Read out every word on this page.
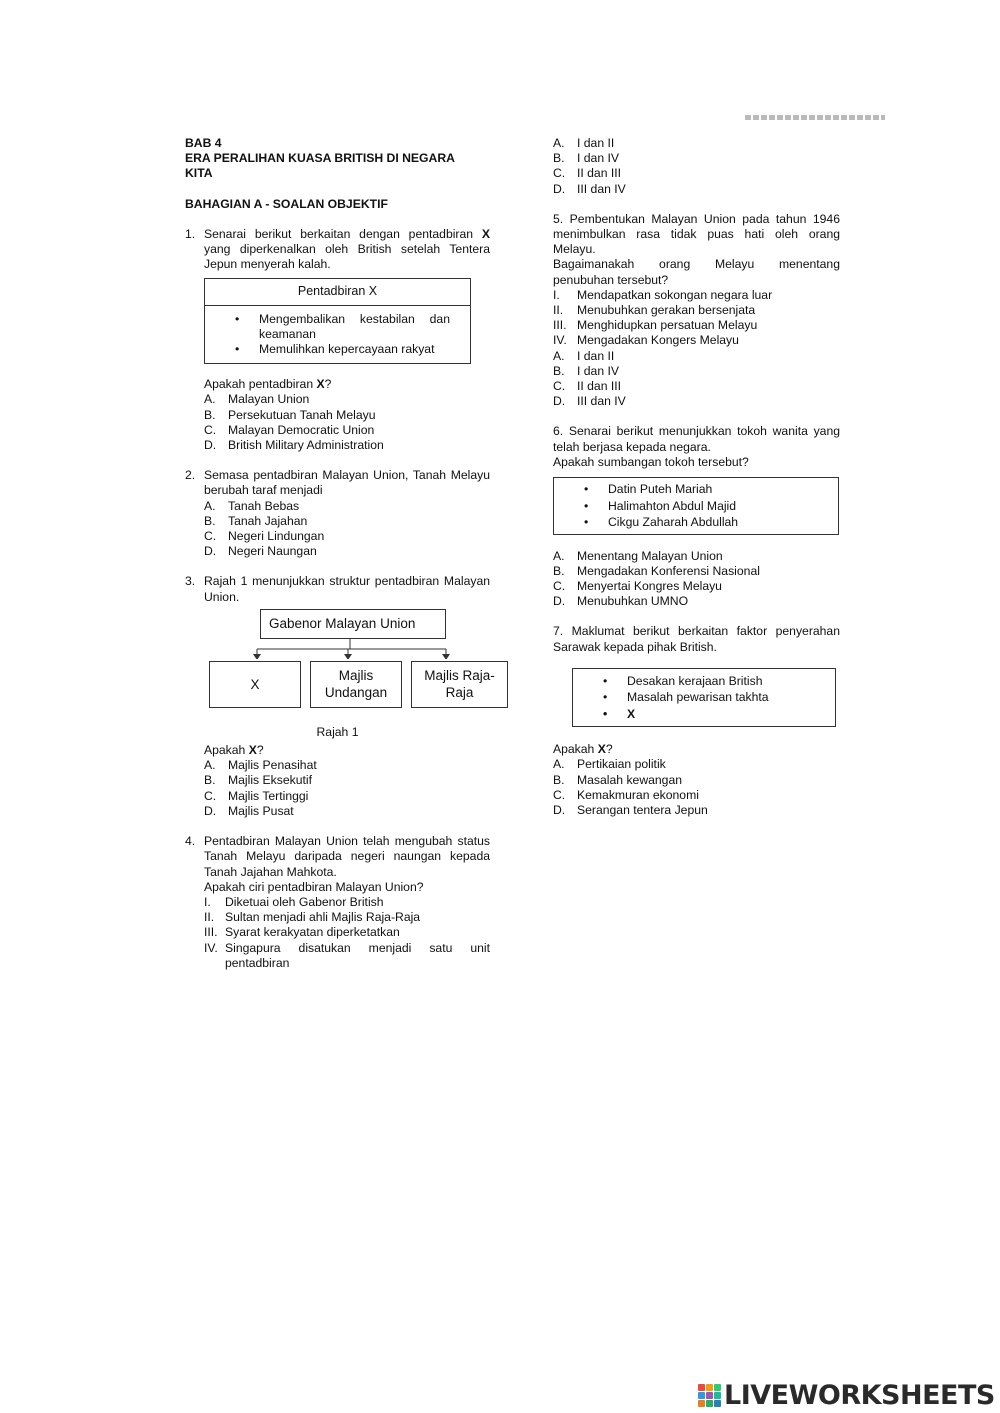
BAB 4
ERA PERALIHAN KUASA BRITISH DI NEGARA KITA
BAHAGIAN A - SOALAN OBJEKTIF
1. Senarai berikut berkaitan dengan pentadbiran X yang diperkenalkan oleh British setelah Tentera Jepun menyerah kalah.
Pentadbiran X
• Mengembalikan kestabilan dan keamanan
• Memulihkan kepercayaan rakyat
Apakah pentadbiran X?
A.	Malayan Union
B.	Persekutuan Tanah Melayu
C. Malayan Democratic Union
D. British Military Administration
2. Semasa pentadbiran Malayan Union, Tanah Melayu berubah taraf menjadi
A.	Tanah Bebas
B.	Tanah Jajahan
C. Negeri Lindungan
D. Negeri Naungan
3. Rajah 1 menunjukkan struktur pentadbiran Malayan Union.
Gabenor Malayan Union
X
Majlis Undangan
Majlis Raja-Raja
Rajah 1
Apakah X?
A.	Majlis Penasihat
B.	Majlis Eksekutif
C. Majlis Tertinggi
D. Majlis Pusat
4. Pentadbiran Malayan Union telah mengubah status Tanah Melayu daripada negeri naungan kepada Tanah Jajahan Mahkota.
Apakah ciri pentadbiran Malayan Union?
I.	Diketuai oleh Gabenor British
II. Sultan menjadi ahli Majlis Raja-Raja
III. Syarat kerakyatan diperketatkan
IV. Singapura disatukan menjadi satu unit pentadbiran
A.	I dan II
B.	I dan IV
C. II dan III
D. III dan IV
5. Pembentukan Malayan Union pada tahun 1946 menimbulkan rasa tidak puas hati oleh orang Melayu.
Bagaimanakah orang Melayu menentang penubuhan tersebut?
I.	Mendapatkan sokongan negara luar
II.	Menubuhkan gerakan bersenjata
III. Menghidupkan persatuan Melayu
IV. Mengadakan Kongers Melayu
A.	I dan II
B.	I dan IV
C. II dan III
D. III dan IV
6. Senarai berikut menunjukkan tokoh wanita yang telah berjasa kepada negara.
Apakah sumbangan tokoh tersebut?
• Datin Puteh Mariah
• Halimahton Abdul Majid
• Cikgu Zaharah Abdullah
A.	Menentang Malayan Union
B.	Mengadakan Konferensi Nasional
C. Menyertai Kongres Melayu
D. Menubuhkan UMNO
7. Maklumat berikut berkaitan faktor penyerahan Sarawak kepada pihak British.
• Desakan kerajaan British
• Masalah pewarisan takhta
• X
Apakah X?
A.	Pertikaian politik
B.	Masalah kewangan
C. Kemakmuran ekonomi
D. Serangan tentera Jepun
LIVEWORKSHEETS
